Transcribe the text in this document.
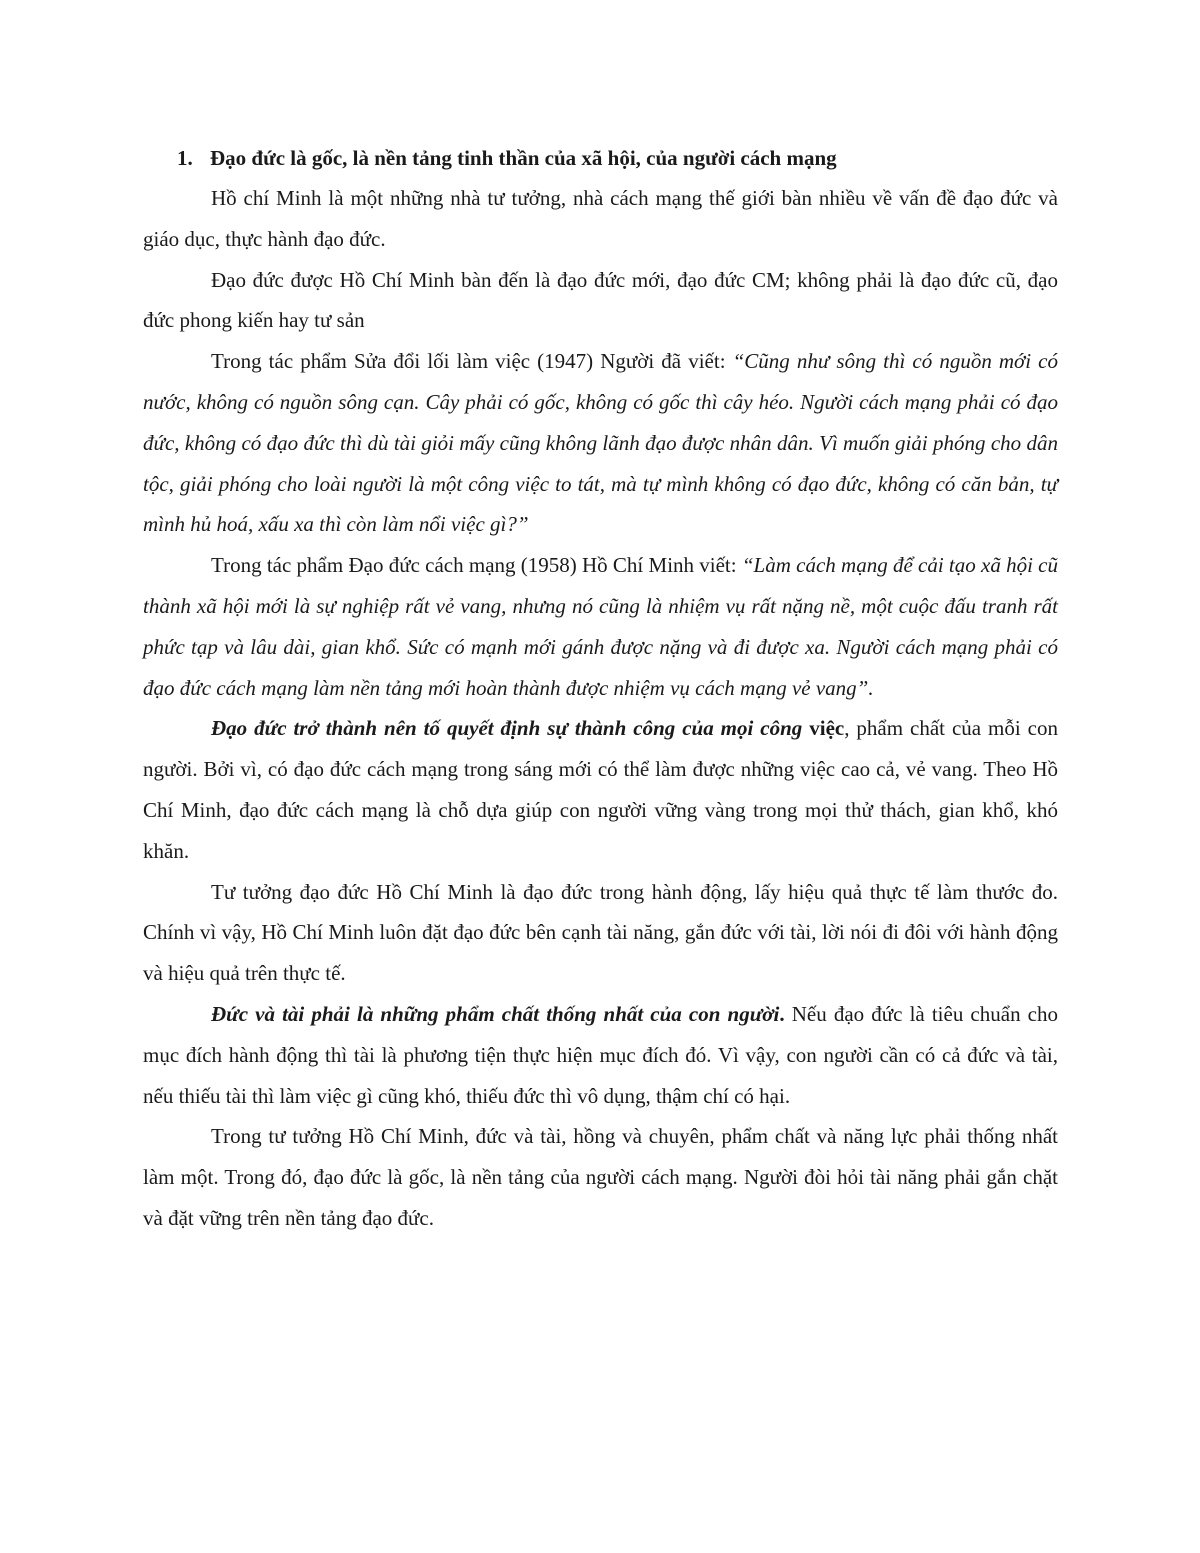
1. Đạo đức là gốc, là nền tảng tinh thần của xã hội, của người cách mạng

Hồ chí Minh là một những nhà tư tưởng, nhà cách mạng thế giới bàn nhiều về vấn đề đạo đức và giáo dục, thực hành đạo đức.

Đạo đức được Hồ Chí Minh bàn đến là đạo đức mới, đạo đức CM; không phải là đạo đức cũ, đạo đức phong kiến hay tư sản

Trong tác phẩm Sửa đổi lối làm việc (1947) Người đã viết: “Cũng như sông thì có nguồn mới có nước, không có nguồn sông cạn. Cây phải có gốc, không có gốc thì cây héo. Người cách mạng phải có đạo đức, không có đạo đức thì dù tài giỏi mấy cũng không lãnh đạo được nhân dân. Vì muốn giải phóng cho dân tộc, giải phóng cho loài người là một công việc to tát, mà tự mình không có đạo đức, không có căn bản, tự mình hủ hoá, xấu xa thì còn làm nổi việc gì?”

Trong tác phẩm Đạo đức cách mạng (1958) Hồ Chí Minh viết: “Làm cách mạng để cải tạo xã hội cũ thành xã hội mới là sự nghiệp rất vẻ vang, nhưng nó cũng là nhiệm vụ rất nặng nề, một cuộc đấu tranh rất phức tạp và lâu dài, gian khổ. Sức có mạnh mới gánh được nặng và đi được xa. Người cách mạng phải có đạo đức cách mạng làm nền tảng mới hoàn thành được nhiệm vụ cách mạng vẻ vang”.

Đạo đức trở thành nên tố quyết định sự thành công của mọi công việc, phẩm chất của mỗi con người. Bởi vì, có đạo đức cách mạng trong sáng mới có thể làm được những việc cao cả, vẻ vang. Theo Hồ Chí Minh, đạo đức cách mạng là chỗ dựa giúp con người vững vàng trong mọi thử thách, gian khổ, khó khăn.

Tư tưởng đạo đức Hồ Chí Minh là đạo đức trong hành động, lấy hiệu quả thực tế làm thước đo. Chính vì vậy, Hồ Chí Minh luôn đặt đạo đức bên cạnh tài năng, gắn đức với tài, lời nói đi đôi với hành động và hiệu quả trên thực tế.

Đức và tài phải là những phẩm chất thống nhất của con người. Nếu đạo đức là tiêu chuẩn cho mục đích hành động thì tài là phương tiện thực hiện mục đích đó. Vì vậy, con người cần có cả đức và tài, nếu thiếu tài thì làm việc gì cũng khó, thiếu đức thì vô dụng, thậm chí có hại.

Trong tư tưởng Hồ Chí Minh, đức và tài, hồng và chuyên, phẩm chất và năng lực phải thống nhất làm một. Trong đó, đạo đức là gốc, là nền tảng của người cách mạng. Người đòi hỏi tài năng phải gắn chặt và đặt vững trên nền tảng đạo đức.
